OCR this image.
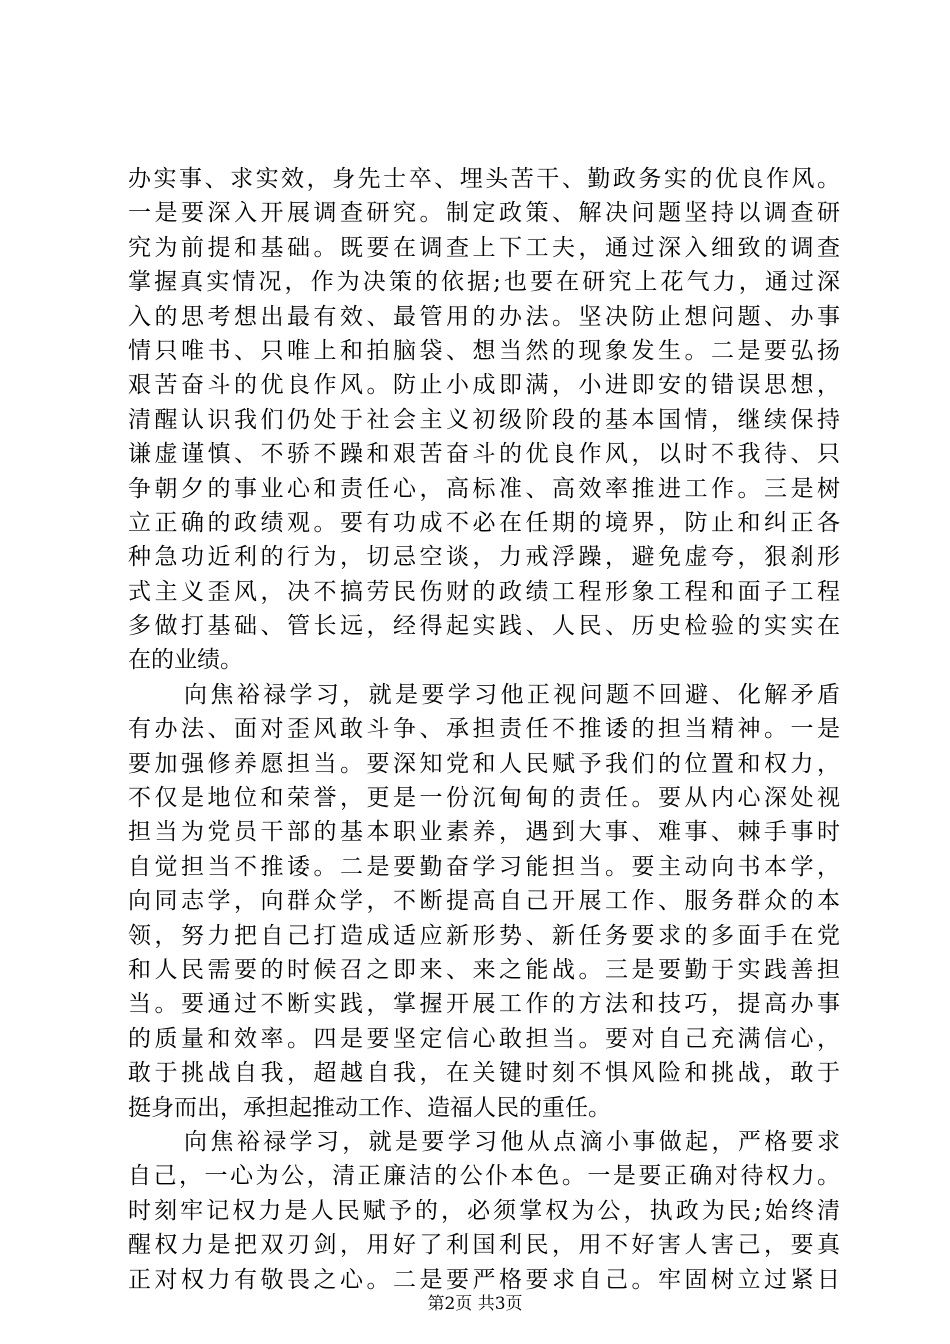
办实事、求实效，身先士卒、埋头苦干、勤政务实的优良作风。
一是要深入开展调查研究。制定政策、解决问题坚持以调查研
究为前提和基础。既要在调查上下工夫，通过深入细致的调查
掌握真实情况，作为决策的依据;也要在研究上花气力，通过深
入的思考想出最有效、最管用的办法。坚决防止想问题、办事
情只唯书、只唯上和拍脑袋、想当然的现象发生。二是要弘扬
艰苦奋斗的优良作风。防止小成即满，小进即安的错误思想，
清醒认识我们仍处于社会主义初级阶段的基本国情，继续保持
谦虚谨慎、不骄不躁和艰苦奋斗的优良作风，以时不我待、只
争朝夕的事业心和责任心，高标准、高效率推进工作。三是树
立正确的政绩观。要有功成不必在任期的境界，防止和纠正各
种急功近利的行为，切忌空谈，力戒浮躁，避免虚夸，狠刹形
式主义歪风，决不搞劳民伤财的政绩工程形象工程和面子工程
多做打基础、管长远，经得起实践、人民、历史检验的实实在
在的业绩。
向焦裕禄学习，就是要学习他正视问题不回避、化解矛盾
有办法、面对歪风敢斗争、承担责任不推诿的担当精神。一是
要加强修养愿担当。要深知党和人民赋予我们的位置和权力，
不仅是地位和荣誉，更是一份沉甸甸的责任。要从内心深处视
担当为党员干部的基本职业素养，遇到大事、难事、棘手事时
自觉担当不推诿。二是要勤奋学习能担当。要主动向书本学，
向同志学，向群众学，不断提高自己开展工作、服务群众的本
领，努力把自己打造成适应新形势、新任务要求的多面手在党
和人民需要的时候召之即来、来之能战。三是要勤于实践善担
当。要通过不断实践，掌握开展工作的方法和技巧，提高办事
的质量和效率。四是要坚定信心敢担当。要对自己充满信心，
敢于挑战自我，超越自我，在关键时刻不惧风险和挑战，敢于
挺身而出，承担起推动工作、造福人民的重任。
向焦裕禄学习，就是要学习他从点滴小事做起，严格要求
自己，一心为公，清正廉洁的公仆本色。一是要正确对待权力。
时刻牢记权力是人民赋予的，必须掌权为公，执政为民;始终清
醒权力是把双刃剑，用好了利国利民，用不好害人害己，要真
正对权力有敬畏之心。二是要严格要求自己。牢固树立过紧日
第2页 共3页
